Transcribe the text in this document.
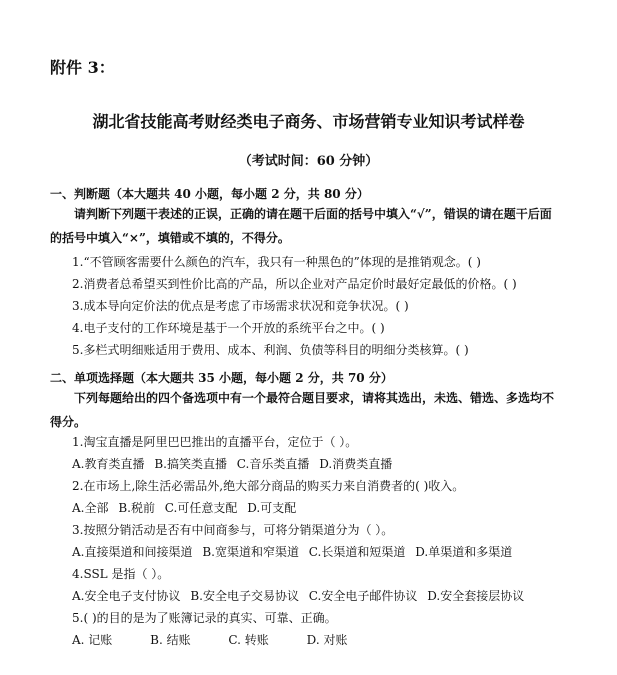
附件 3：
湖北省技能高考财经类电子商务、市场营销专业知识考试样卷
（考试时间：60 分钟）
一、判断题（本大题共 40 小题，每小题 2 分，共 80 分）
请判断下列题干表述的正误，正确的请在题干后面的括号中填入“√”，错误的请在题干后面的括号中填入“×”，填错或不填的，不得分。
1.“不管顾客需要什么颜色的汽车，我只有一种黑色的”体现的是推销观念。( )
2.消费者总希望买到性价比高的产品，所以企业对产品定价时最好定最低的价格。( )
3.成本导向定价法的优点是考虑了市场需求状况和竞争状况。( )
4.电子支付的工作环境是基于一个开放的系统平台之中。( )
5.多栏式明细账适用于费用、成本、利润、负债等科目的明细分类核算。( )
二、单项选择题（本大题共 35 小题，每小题 2 分，共 70 分）
下列每题给出的四个备选项中有一个最符合题目要求，请将其选出，未选、错选、多选均不得分。
1.淘宝直播是阿里巴巴推出的直播平台，定位于（ ）。
A.教育类直播 B.搞笑类直播 C.音乐类直播 D.消费类直播
2.在市场上,除生活必需品外,绝大部分商品的购买力来自消费者的( )收入。
A.全部 B.税前 C.可任意支配 D.可支配
3.按照分销活动是否有中间商参与，可将分销渠道分为（ ）。
A.直接渠道和间接渠道 B.宽渠道和窄渠道 C.长渠道和短渠道 D.单渠道和多渠道
4.SSL 是指（ ）。
A.安全电子支付协议 B.安全电子交易协议 C.安全电子邮件协议 D.安全套接层协议
5.( )的目的是为了账簿记录的真实、可靠、正确。
A. 记账	B. 结账	C. 转账	D. 对账
